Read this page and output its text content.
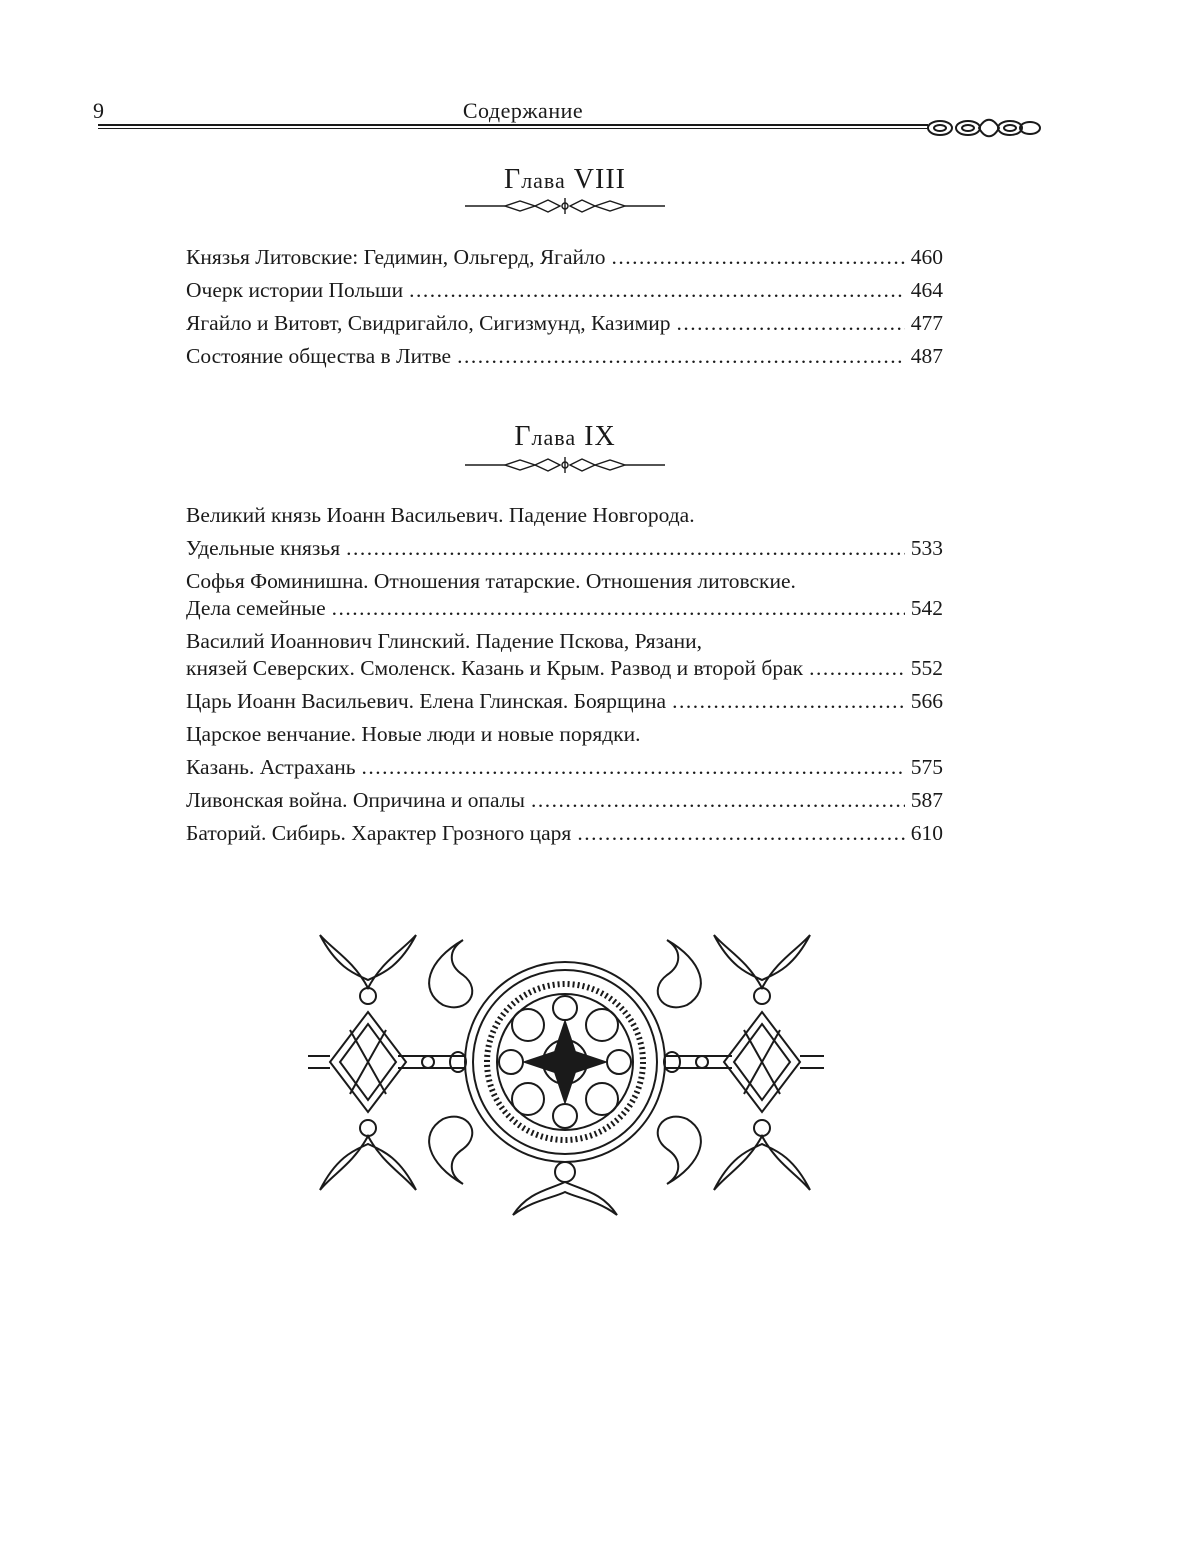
9	Содержание
Глава VIII
Князья Литовские: Гедимин, Ольгерд, Ягайло .....	460
Очерк истории Польши .....	464
Ягайло и Витовт, Свидригайло, Сигизмунд, Казимир .....	477
Состояние общества в Литве .....	487
Глава IX
Великий князь Иоанн Васильевич. Падение Новгорода.
Удельные князья .....	533
Софья Фоминишна. Отношения татарские. Отношения литовские.
Дела семейные .....	542
Василий Иоаннович Глинский. Падение Пскова, Рязани,
князей Северских. Смоленск. Казань и Крым. Развод и второй брак .....	552
Царь Иоанн Васильевич. Елена Глинская. Боярщина .....	566
Царское венчание. Новые люди и новые порядки.
Казань. Астрахань .....	575
Ливонская война. Опричина и опалы .....	587
Баторий. Сибирь. Характер Грозного царя .....	610
